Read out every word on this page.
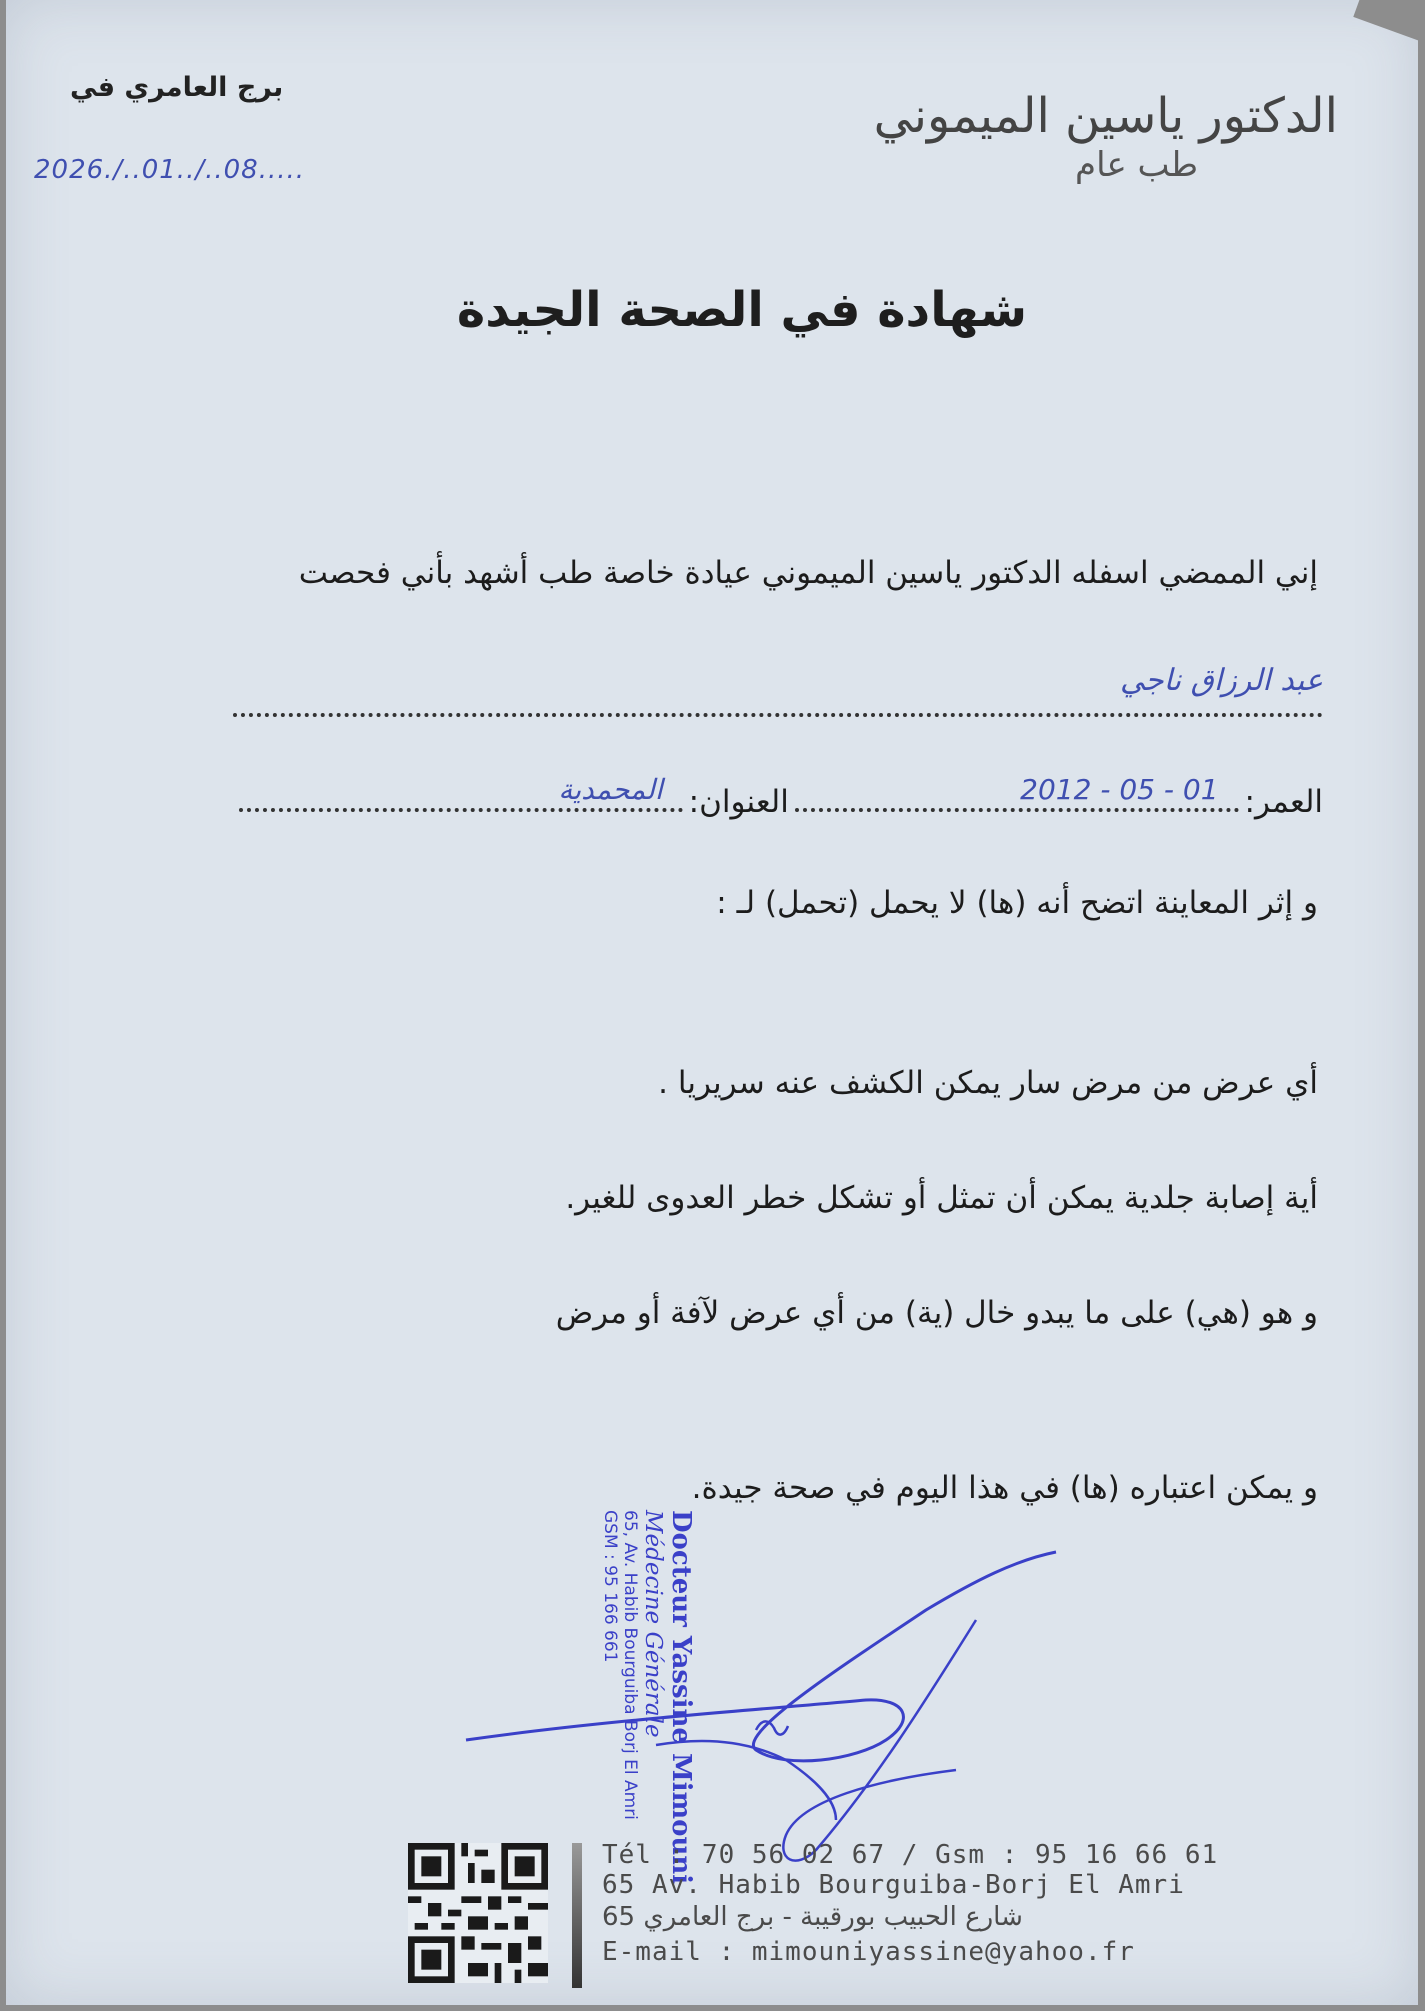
الدكتور ياسين الميموني
طب عام
برج العامري في
2026./..01../..08.....
شهادة في الصحة الجيدة
إني الممضي اسفله الدكتور ياسين الميموني عيادة خاصة طب أشهد بأني فحصت
عبد الرزاق ناجي
العمر:
01 - 05 - 2012
العنوان:
المحمدية
و إثر المعاينة اتضح أنه (ها) لا يحمل (تحمل) لـ :
أي عرض من مرض سار يمكن الكشف عنه سريريا .
أية إصابة جلدية يمكن أن تمثل أو تشكل خطر العدوى للغير.
و هو (هي) على ما يبدو خال (ية) من أي عرض لآفة أو مرض
و يمكن اعتباره (ها) في هذا اليوم في صحة جيدة.
Docteur Yassine Mimouni
Médecine Générale
65, Av. Habib Bourguiba Borj El Amri
GSM : 95 166 661
Tél : 70 56 02 67 / Gsm : 95 16 66 61
65 Av. Habib Bourguiba-Borj El Amri
65 شارع الحبيب بورقيبة - برج العامري
E-mail : mimouniyassine@yahoo.fr
